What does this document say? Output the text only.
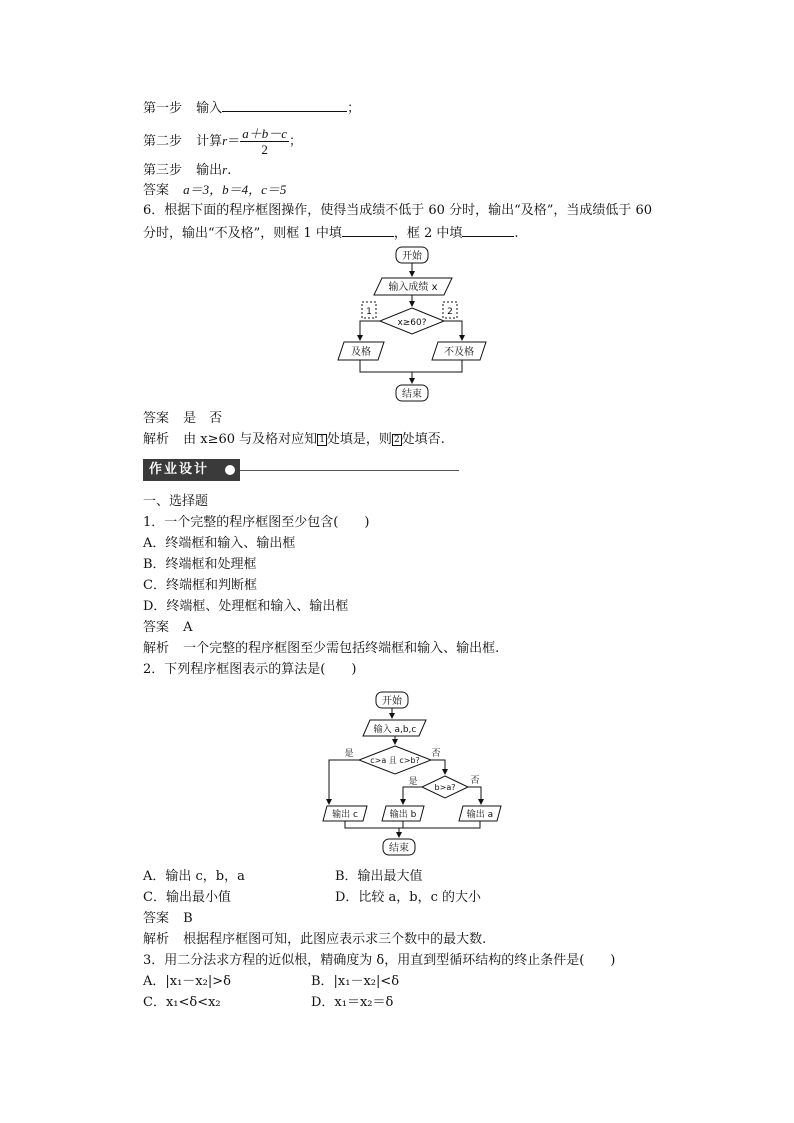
第一步 输入	；
第二步 计算$r= \frac{a+b-c}{2}$ ；
第三步 输出r.
答案 a＝3，b＝4，c＝5
6．根据下面的程序框图操作，使得当成绩不低于 60 分时，输出“及格”，当成绩低于 60
分时，输出“不及格”，则框 1 中填	，框 2 中填	.
开始
输入成绩 x
x≥60?
1	2
及格	不及格
结束
答案 是　否
解析 由 x≥60 与及格对应知 1 处填是，则 2 处填否.
作业设计
一、选择题
1．一个完整的程序框图至少包含(　　)
A．终端框和输入、输出框
B．终端框和处理框
C．终端框和判断框
D．终端框、处理框和输入、输出框
答案 A
解析 一个完整的程序框图至少需包括终端框和输入、输出框.
2．下列程序框图表示的算法是(　　)
开始
输入 a,b,c
c>a 且 c>b?
b>a?
是	否
是	否
输出 c	输出 b	输出 a
结束
A．输出 c，b，a	B．输出最大值
C．输出最小值	D．比较 a，b，c 的大小
答案 B
解析 根据程序框图可知，此图应表示求三个数中的最大数.
3．用二分法求方程的近似根，精确度为 δ，用直到型循环结构的终止条件是(　　)
A．|x₁－x₂|>δ	B．|x₁－x₂|<δ
C．x₁<δ<x₂	D．x₁＝x₂＝δ
